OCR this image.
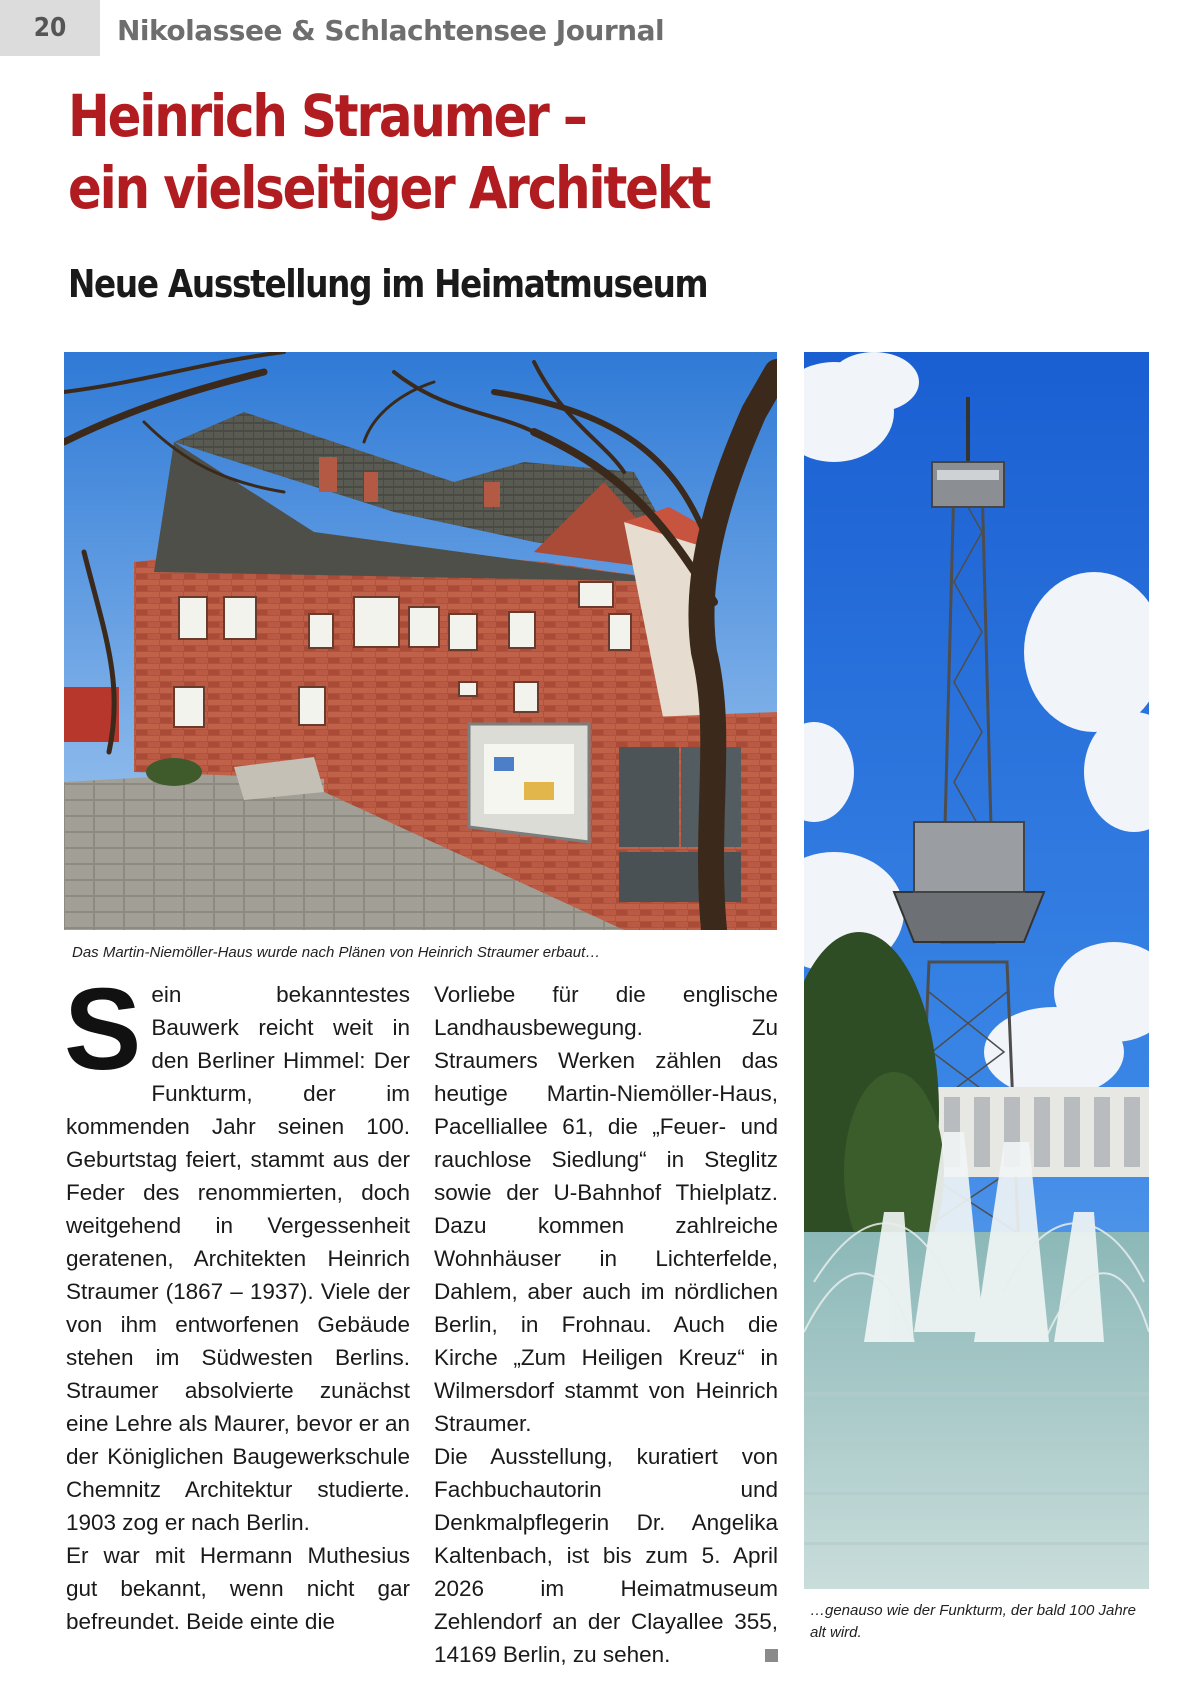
20	Nikolassee & Schlachtensee Journal
Heinrich Straumer –
ein vielseitiger Architekt
Neue Ausstellung im Heimatmuseum
Das Martin-Niemöller-Haus wurde nach Plänen von Heinrich Straumer erbaut…
…genauso wie der Funkturm, der bald 100 Jahre alt wird.
S ein bekanntestes Bauwerk reicht weit in den Berliner Himmel: Der Funkturm, der im kommenden Jahr seinen 100. Geburtstag feiert, stammt aus der Feder des renommierten, doch weitgehend in Vergessenheit geratenen, Architekten Heinrich Straumer (1867 – 1937). Viele der von ihm entworfenen Gebäude stehen im Südwesten Berlins. Straumer absolvierte zunächst eine Lehre als Maurer, bevor er an der Königlichen Baugewerkschule Chemnitz Architektur studierte. 1903 zog er nach Berlin.

Er war mit Hermann Muthesius gut bekannt, wenn nicht gar befreundet. Beide einte die

Vorliebe für die englische Landhausbewegung. Zu Straumers Werken zählen das heutige Martin-Niemöller-Haus, Pacelliallee 61, die „Feuer- und rauchlose Siedlung“ in Steglitz sowie der U-Bahnhof Thielplatz. Dazu kommen zahlreiche Wohnhäuser in Lichterfelde, Dahlem, aber auch im nördlichen Berlin, in Frohnau. Auch die Kirche „Zum Heiligen Kreuz“ in Wilmersdorf stammt von Heinrich Straumer.

Die Ausstellung, kuratiert von Fachbuchautorin und Denkmalpflegerin Dr. Angelika Kaltenbach, ist bis zum 5. April 2026 im Heimatmuseum Zehlendorf an der Clayallee 355, 14169 Berlin, zu sehen.
